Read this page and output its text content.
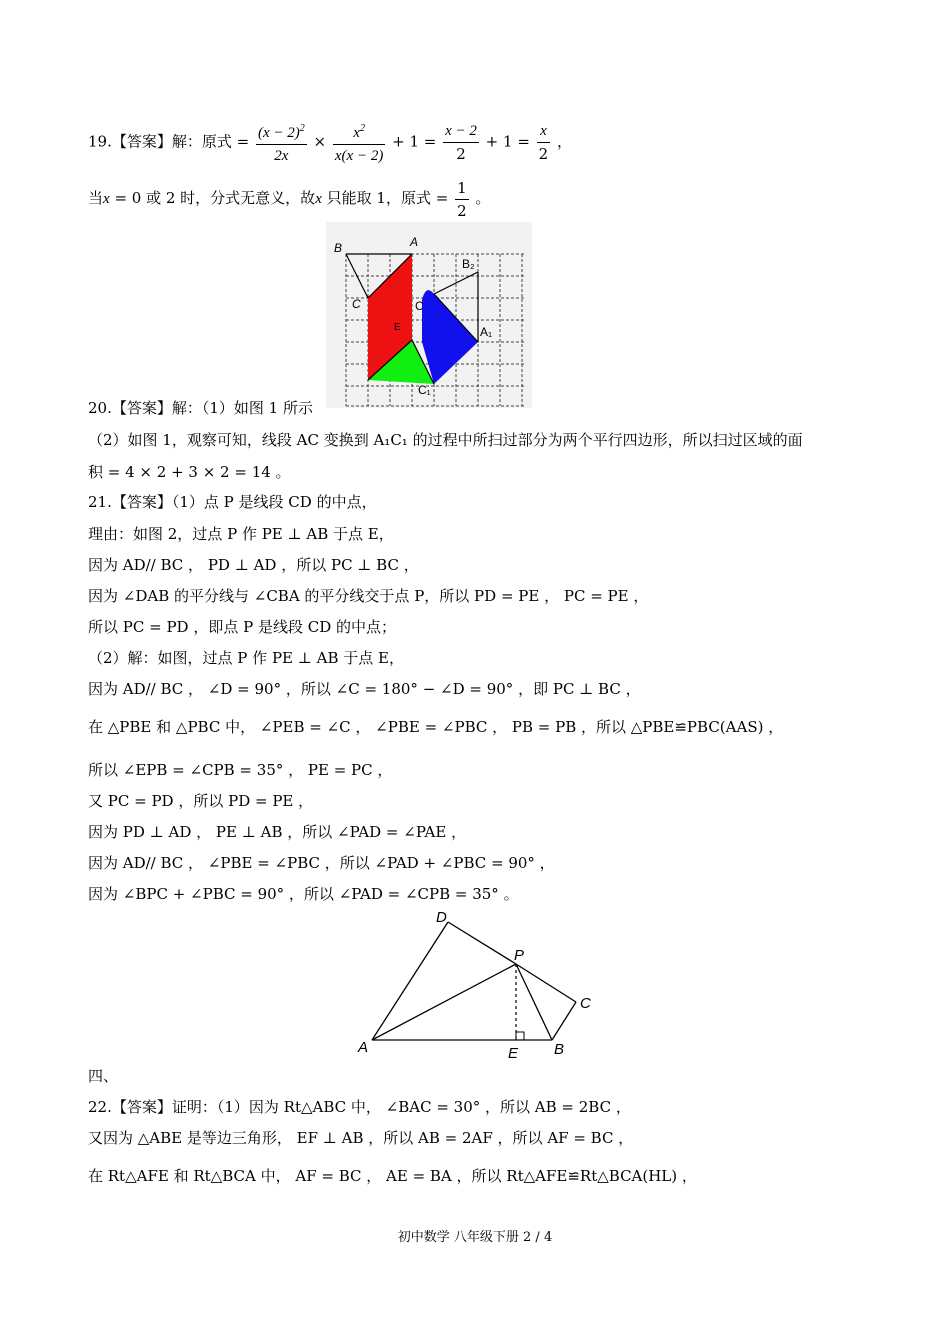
19.【答案】解：原式 = $\frac{(x - 2)^2}{2x} \times \frac{x^2}{x(x - 2)} + 1 = \frac{x - 2}{2} + 1 = \frac{x}{2}$ ，
当x = 0 或 2 时，分式无意义，故x 只能取 1，原式 = $\frac{1}{2}$ 。
B	A
B₂
C	C
E	A₁
C₁
20.【答案】解：（1）如图 1 所示
（2）如图 1，观察可知，线段 AC 变换到 A₁C₁ 的过程中所扫过部分为两个平行四边形，所以扫过区域的面
积 = 4 × 2 + 3 × 2 = 14 。
21.【答案】（1）点 P 是线段 CD 的中点，
理由：如图 2，过点 P 作 PE ⊥ AB 于点 E，
因为 AD// BC ， PD ⊥ AD ，所以 PC ⊥ BC ，
因为 ∠DAB 的平分线与 ∠CBA 的平分线交于点 P，所以 PD = PE ， PC = PE ，
所以 PC = PD ，即点 P 是线段 CD 的中点；
（2）解：如图，过点 P 作 PE ⊥ AB 于点 E，
因为 AD// BC ， ∠D = 90° ，所以 ∠C = 180° − ∠D = 90° ，即 PC ⊥ BC ，
在 △PBE 和 △PBC 中， ∠PEB = ∠C ， ∠PBE = ∠PBC ， PB = PB ，所以 △PBE≌PBC(AAS) ，
所以 ∠EPB = ∠CPB = 35° ， PE = PC ，
又 PC = PD ，所以 PD = PE ，
因为 PD ⊥ AD ， PE ⊥ AB ，所以 ∠PAD = ∠PAE ，
因为 AD// BC ， ∠PBE = ∠PBC ，所以 ∠PAD + ∠PBC = 90° ，
因为 ∠BPC + ∠PBC = 90° ，所以 ∠PAD = ∠CPB = 35° 。
D
P
C
A	E B
四、
22.【答案】证明：（1）因为 Rt△ABC 中， ∠BAC = 30° ，所以 AB = 2BC ，
又因为 △ABE 是等边三角形， EF ⊥ AB ，所以 AB = 2AF ，所以 AF = BC ，
在 Rt△AFE 和 Rt△BCA 中， AF = BC ， AE = BA ，所以 Rt△AFE≌Rt△BCA(HL) ，
初中数学 八年级下册 2 / 4
